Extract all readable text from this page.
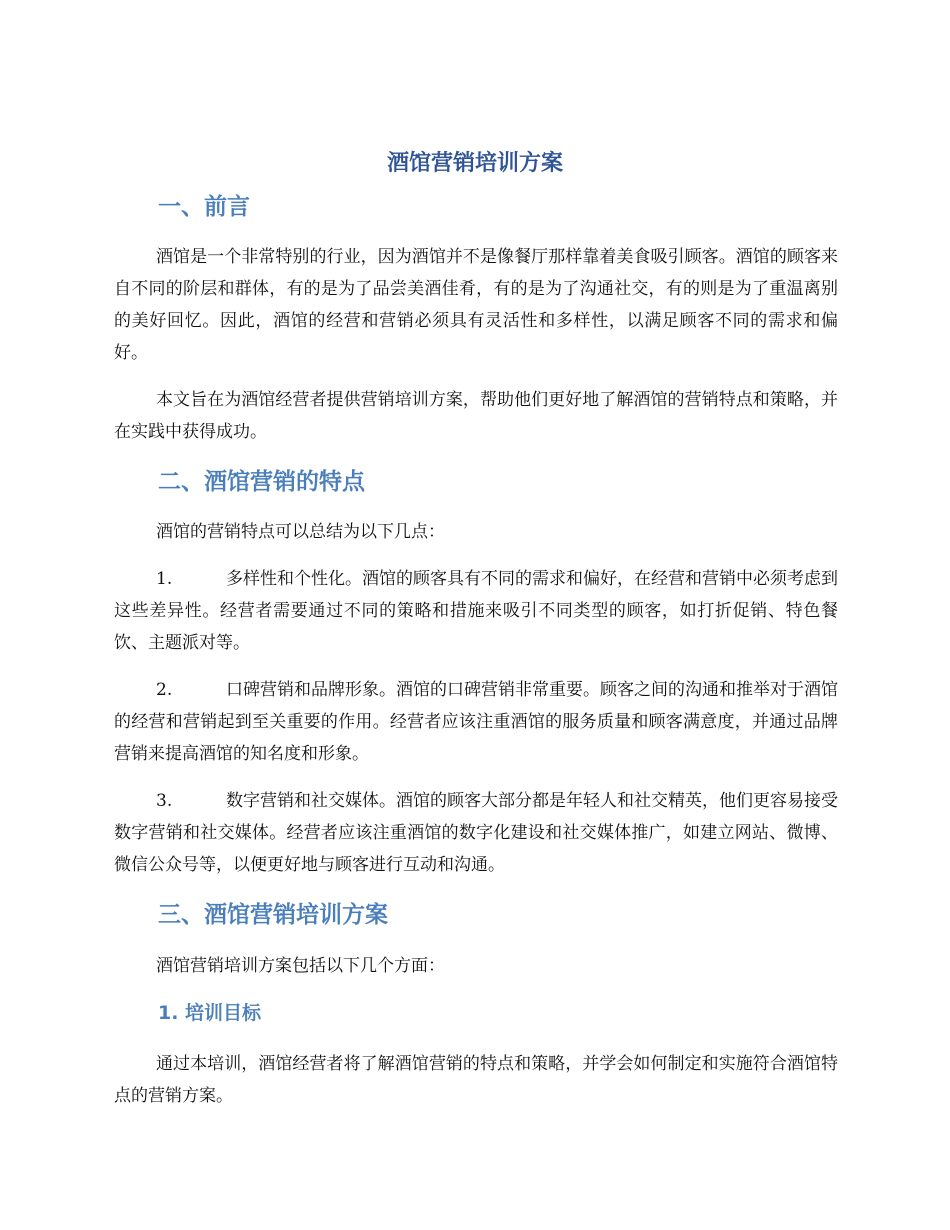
酒馆营销培训方案
一、前言

酒馆是一个非常特别的行业，因为酒馆并不是像餐厅那样靠着美食吸引顾客。酒馆的顾客来自不同的阶层和群体，有的是为了品尝美酒佳肴，有的是为了沟通社交，有的则是为了重温离别的美好回忆。因此，酒馆的经营和营销必须具有灵活性和多样性，以满足顾客不同的需求和偏好。

本文旨在为酒馆经营者提供营销培训方案，帮助他们更好地了解酒馆的营销特点和策略，并在实践中获得成功。

二、酒馆营销的特点

酒馆的营销特点可以总结为以下几点：

1.	多样性和个性化。酒馆的顾客具有不同的需求和偏好，在经营和营销中必须考虑到这些差异性。经营者需要通过不同的策略和措施来吸引不同类型的顾客，如打折促销、特色餐饮、主题派对等。

2.	口碑营销和品牌形象。酒馆的口碑营销非常重要。顾客之间的沟通和推举对于酒馆的经营和营销起到至关重要的作用。经营者应该注重酒馆的服务质量和顾客满意度，并通过品牌营销来提高酒馆的知名度和形象。

3.	数字营销和社交媒体。酒馆的顾客大部分都是年轻人和社交精英，他们更容易接受数字营销和社交媒体。经营者应该注重酒馆的数字化建设和社交媒体推广，如建立网站、微博、微信公众号等，以便更好地与顾客进行互动和沟通。

三、酒馆营销培训方案

酒馆营销培训方案包括以下几个方面：

1. 培训目标

通过本培训，酒馆经营者将了解酒馆营销的特点和策略，并学会如何制定和实施符合酒馆特点的营销方案。
